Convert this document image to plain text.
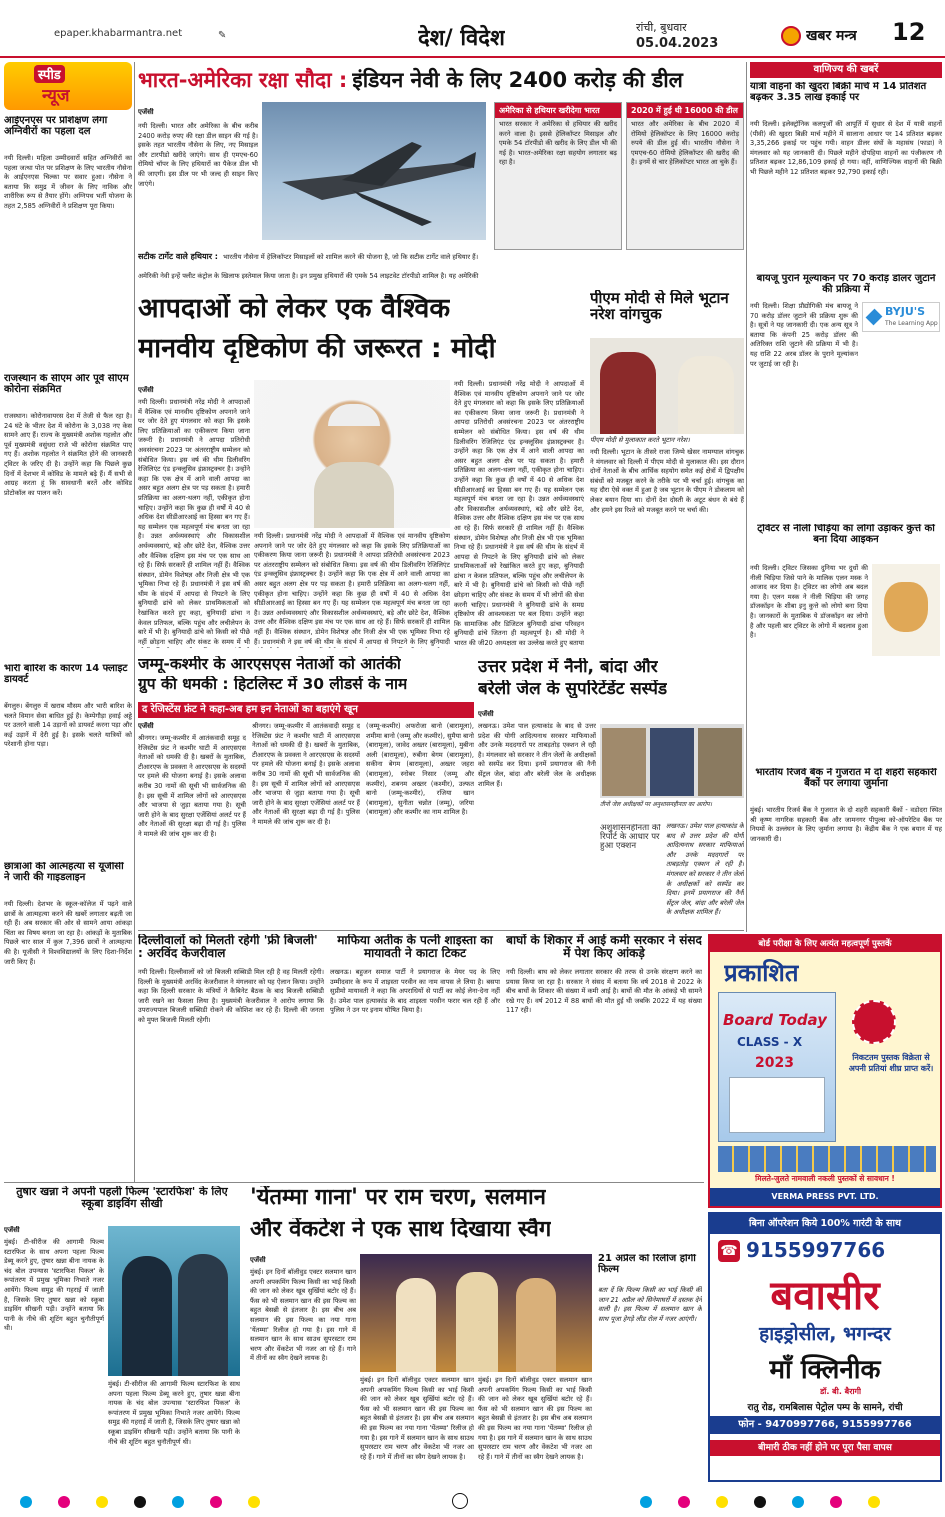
epaper.khabarmantra.net	✎	देश/ विदेश	रांची, बुधवार
05.04.2023	खबर मन्त्र 12
स्पीड
न्यूज
आईएनएस पर प्रशिक्षण लेगा अग्निवीरों का पहला दल
नयी दिल्ली। महिला उम्मीदवारों सहित अग्निवीरों का पहला जत्था पोत पर प्रशिक्षण के लिए भारतीय नौसेना के आईएनएस चिल्का पर सवार हुआ। नौसेना ने बताया कि समुद्र में जीवन के लिए नाविक और शारीरिक रूप से तैयार होंगे। अग्निपथ भर्ती योजना के तहत 2,585 अग्निवीरों ने प्रशिक्षण पूरा किया।
राजस्थान के सीएम और पूर्व सीएम कोरोना संक्रमित
राजस्थान। कोरोनावायरस देश में तेजी से फैल रहा है। 24 घंटे के भीतर देश में कोरोना के 3,038 नए केस सामने आए हैं। राज्य के मुख्यमंत्री अशोक गहलोत और पूर्व मुख्यमंत्री वसुंधरा राजे भी कोरोना संक्रमित पाए गए हैं। अशोक गहलोत ने संक्रमित होने की जानकारी ट्विटर के जरिए दी है। उन्होंने कहा कि पिछले कुछ दिनों में देशभर में कोविड के मामले बढ़े हैं। मैं सभी से आग्रह करता हूं कि सावधानी बरतें और कोविड प्रोटोकॉल का पालन करें।
भारी बारिश के कारण 14 फ्लाइट डायवर्ट
बेंगलुरु। बेंगलुरु में खराब मौसम और भारी बारिश के चलते विमान सेवा बाधित हुई है। केम्पेगौड़ा हवाई अड्डे पर उतरने वाली 14 उड़ानों को डायवर्ट करना पड़ा और कई उड़ानें में देरी हुई है। इसके चलते यात्रियों को परेशानी होना पड़ा।
छात्राओं की आत्महत्या से यूजीसी ने जारी की गाइडलाइन
नयी दिल्ली। देशभर के स्कूल-कॉलेज में पढ़ने वाले छात्रों के आत्महत्या करने की खबरें लगातार बढ़ती जा रही हैं। अब सरकार की ओर से सामने आया आंकड़ा चिंता का विषय बनता जा रहा है। आंकड़ों के मुताबिक पिछले चार साल में कुल 7,396 छात्रों ने आत्महत्या की है। यूजीसी ने विश्वविद्यालयों के लिए दिशा-निर्देश जारी किए हैं।
भारत-अमेरिका रक्षा सौदा : इंडियन नेवी के लिए 2400 करोड़ की डील
एजेंसी
नयी दिल्ली। भारत और अमेरिका के बीच करीब 2400 करोड़ रुपए की रक्षा डील साइन की गई है। इसके तहत भारतीय नौसेना के लिए, नए मिसाइल और टारपीडो खरीदे जाएंगे। साथ ही एमएच-60 रोमियो चॉपर के लिए हथियारों का पैकेज डील भी की जाएगी। इस डील पर भी जल्द ही साइन किए जाएंगे।
सटीक टार्गेट वाले हथियार : भारतीय नौसेना में हेलिकॉप्टर मिसाइलों को शामिल करने की योजना है, जो कि सटीक टार्गेट वाले हथियार हैं। अमेरिकी नेवी इन्हें फ्लीट कंट्रोल के खिलाफ इस्तेमाल किया जाता है। इन प्रमुख हथियारों की एमके 54 लाइटवेट टॉरपीडो शामिल है। यह अमेरिकी
अमेरिका से हथियार खरीदेगा भारत
भारत सरकार ने अमेरिका से हथियार की खरीद करने वाला है। इससे हेलिकॉप्टर मिसाइल और एमके 54 टॉरपीडो की खरीद के लिए डील भी की गई है। भारत-अमेरिका रक्षा सहयोग लगातार बढ़ रहा है।
2020 में हुई थी 16000 की डील
भारत और अमेरिका के बीच 2020 में रोमियो हेलिकॉप्टर के लिए 16000 करोड़ रुपये की डील हुई थी। भारतीय नौसेना ने एमएच-60 रोमियो हेलिकॉप्टर की खरीद की है। इनमें से चार हेलिकॉप्टर भारत आ चुके हैं।
आपदाओं को लेकर एक वैश्विक
मानवीय दृष्टिकोण की जरूरत : मोदी
एजेंसी
नयी दिल्ली। प्रधानमंत्री नरेंद्र मोदी ने आपदाओं में वैश्विक एवं मानवीय दृष्टिकोण अपनाने जाने पर जोर देते हुए मंगलवार को कहा कि इसके लिए प्रतिक्रियाओं का एकीकरण किया जाना जरूरी है। प्रधानमंत्री ने आपदा प्रतिरोधी अवसंरचना 2023 पर अंतरराष्ट्रीय सम्मेलन को संबोधित किया। इस वर्ष की थीम डिलीवरिंग रेजिलिएंट एंड इन्क्लूसिव इंफ्रास्ट्रक्चर है। उन्होंने कहा कि एक क्षेत्र में आने वाली आपदा का असर बहुत अलग क्षेत्र पर पड़ सकता है। हमारी प्रतिक्रिया का अलग-थलग नहीं, एकीकृत होना चाहिए। उन्होंने कहा कि कुछ ही वर्षों में 40 से अधिक देश सीडीआरआई का हिस्सा बन गए हैं। यह सम्मेलन एक महत्वपूर्ण मंच बनता जा रहा है। उन्नत अर्थव्यवस्थाएं और विकासशील अर्थव्यवस्थाएं, बड़े और छोटे देश, वैश्विक उत्तर और वैश्विक दक्षिण इस मंच पर एक साथ आ रहे हैं। सिर्फ सरकारें ही शामिल नहीं हैं। वैश्विक संस्थान, डोमेन विशेषज्ञ और निजी क्षेत्र भी एक भूमिका निभा रहे हैं। प्रधानमंत्री ने इस वर्ष की थीम के संदर्भ में आपदा से निपटने के लिए बुनियादी ढांचे को लेकर प्राथमिकताओं को रेखांकित करते हुए कहा, बुनियादी ढांचा न केवल प्रतिफल, बल्कि पहुंच और लचीलेपन के बारे में भी है। बुनियादी ढांचे को किसी को पीछे नहीं छोड़ना चाहिए और संकट के समय में भी
नयी दिल्ली। प्रधानमंत्री नरेंद्र मोदी ने आपदाओं में वैश्विक एवं मानवीय दृष्टिकोण अपनाने जाने पर जोर देते हुए मंगलवार को कहा कि इसके लिए प्रतिक्रियाओं का एकीकरण किया जाना जरूरी है। प्रधानमंत्री ने आपदा प्रतिरोधी अवसंरचना 2023 पर अंतरराष्ट्रीय सम्मेलन को संबोधित किया। इस वर्ष की थीम डिलीवरिंग रेजिलिएंट एंड इन्क्लूसिव इंफ्रास्ट्रक्चर है। उन्होंने कहा कि एक क्षेत्र में आने वाली आपदा का असर बहुत अलग क्षेत्र पर पड़ सकता है। हमारी प्रतिक्रिया का अलग-थलग नहीं, एकीकृत होना चाहिए। उन्होंने कहा कि कुछ ही वर्षों में 40 से अधिक देश सीडीआरआई का हिस्सा बन गए हैं। यह सम्मेलन एक महत्वपूर्ण मंच बनता जा रहा है। उन्नत अर्थव्यवस्थाएं और विकासशील अर्थव्यवस्थाएं, बड़े और छोटे देश, वैश्विक उत्तर और वैश्विक दक्षिण इस मंच पर एक साथ आ रहे हैं। सिर्फ सरकारें ही शामिल नहीं हैं। वैश्विक संस्थान, डोमेन विशेषज्ञ और निजी क्षेत्र भी एक भूमिका निभा रहे हैं। प्रधानमंत्री ने इस वर्ष की थीम के संदर्भ में आपदा से निपटने के लिए बुनियादी
नयी दिल्ली। प्रधानमंत्री नरेंद्र मोदी ने आपदाओं में वैश्विक एवं मानवीय दृष्टिकोण अपनाने जाने पर जोर देते हुए मंगलवार को कहा कि इसके लिए प्रतिक्रियाओं का एकीकरण किया जाना जरूरी है। प्रधानमंत्री ने आपदा प्रतिरोधी अवसंरचना 2023 पर अंतरराष्ट्रीय सम्मेलन को संबोधित किया। इस वर्ष की थीम डिलीवरिंग रेजिलिएंट एंड इन्क्लूसिव इंफ्रास्ट्रक्चर है। उन्होंने कहा कि एक क्षेत्र में आने वाली आपदा का असर बहुत अलग क्षेत्र पर पड़ सकता है। हमारी प्रतिक्रिया का अलग-थलग नहीं, एकीकृत होना चाहिए। उन्होंने कहा कि कुछ ही वर्षों में 40 से अधिक देश सीडीआरआई का हिस्सा बन गए हैं। यह सम्मेलन एक महत्वपूर्ण मंच बनता जा रहा है। उन्नत अर्थव्यवस्थाएं और विकासशील अर्थव्यवस्थाएं, बड़े और छोटे देश, वैश्विक उत्तर और वैश्विक दक्षिण इस मंच पर एक साथ आ रहे हैं। सिर्फ सरकारें ही शामिल नहीं हैं। वैश्विक संस्थान, डोमेन विशेषज्ञ और निजी क्षेत्र भी एक भूमिका निभा रहे हैं। प्रधानमंत्री ने इस वर्ष की थीम के संदर्भ में आपदा से निपटने के लिए बुनियादी ढांचे को लेकर प्राथमिकताओं को रेखांकित करते हुए कहा, बुनियादी ढांचा न केवल प्रतिफल, बल्कि पहुंच और लचीलेपन के बारे में भी है। बुनियादी ढांचे को किसी को पीछे नहीं छोड़ना चाहिए और संकट के समय में भी लोगों की सेवा करनी चाहिए। प्रधानमंत्री ने बुनियादी ढांचे के समग्र दृष्टिकोण की आवश्यकता पर बल दिया। उन्होंने कहा कि सामाजिक और डिजिटल बुनियादी ढांचा परिवहन बुनियादी ढांचे जितना ही महत्वपूर्ण है। श्री मोदी ने भारत की जी20 अध्यक्षता का उल्लेख करते हुए बताया
पीएम मोदी से मिले भूटान नरेश वांगचुक
पीएम मोदी से मुलाकात करते भूटान नरेश।
नयी दिल्ली। भूटान के तीसरे राजा जिग्मे खेसर नामग्याल वांगचुक ने मंगलवार को दिल्ली में पीएम मोदी से मुलाकात की। इस दौरान दोनों नेताओं के बीच आर्थिक सहयोग समेत कई क्षेत्रों में द्विपक्षीय संबंधों को मजबूत करने के तरीके पर भी चर्चा हुई। वांगचुक का यह दौरा ऐसे वक्त में हुआ है जब भूटान के पीएम ने डोकलाम को लेकर बयान दिया था। दोनों देश दोस्ती के अटूट बंधन से बंधे हैं और हमने इस रिश्ते को मजबूत करने पर चर्चा की।
वाणिज्य की खबरें
यात्री वाहनों की खुदरा बिक्री मार्च में 14 प्रतिशत बढ़कर 3.35 लाख इकाई पर
नयी दिल्ली। इलेक्ट्रॉनिक कलपुर्जों की आपूर्ति में सुधार से देश में यात्री वाहनों (पीवी) की खुदरा बिक्री मार्च महीने में सालाना आधार पर 14 प्रतिशत बढ़कर 3,35,266 इकाई पर पहुंच गयी। वाहन डीलर संघों के महासंघ (फाडा) ने मंगलवार को यह जानकारी दी। पिछले महीने दोपहिया वाहनों का पंजीकरण नौ प्रतिशत बढ़कर 12,86,109 इकाई हो गया। वहीं, वाणिज्यिक वाहनों की बिक्री भी पिछले महीने 12 प्रतिशत बढ़कर 92,790 इकाई रही।
बायजू पुराने मूल्यांकन पर 70 करोड़ डॉलर जुटाने की प्रक्रिया में
BYJU'S
The Learning App
नयी दिल्ली। शिक्षा प्रौद्योगिकी मंच बायजू ने 70 करोड़ डॉलर जुटाने की प्रक्रिया शुरू की है। सूत्रों ने यह जानकारी दी। एक अन्य सूत्र ने बताया कि कंपनी 25 करोड़ डॉलर की अतिरिक्त राशि जुटाने की प्रक्रिया में भी है। यह राशि 22 अरब डॉलर के पुराने मूल्यांकन पर जुटाई जा रही है।
ट्विटर से नीली चिड़िया का लोगो उड़ाकर कुत्ते को बना दिया आइकन
नयी दिल्ली। ट्विटर जिसका दुनिया भर दुधों की नीली चिड़िया जिसे पाने के मालिक एलन मस्क ने आजाद कर दिया है। ट्विटर का लोगो अब बदल गया है। एलन मस्क ने नीली चिड़िया की जगह डॉजकॉइन के शीबा इनु कुत्ते को लोगो बना दिया है। जानकारों के मुताबिक ये डॉजकॉइन का लोगो है और पहली बार ट्विटर के लोगो में बदलाव हुआ है।
भारतीय रिजर्व बैंक ने गुजरात में दो शहरी सहकारी बैंकों पर लगाया जुर्माना
मुंबई। भारतीय रिजर्व बैंक ने गुजरात के दो शहरी सहकारी बैंकों - वडोदरा स्थित श्री कृष्ण नागरिक सहकारी बैंक और जामनगर पीपुल्स को-ऑपरेटिव बैंक पर नियमों के उल्लंघन के लिए जुर्माना लगाया है। केंद्रीय बैंक ने एक बयान में यह जानकारी दी।
जम्मू-कश्मीर के आरएसएस नेताओं को आतंकी
ग्रुप की धमकी : हिटलिस्ट में 30 लीडर्स के नाम
द रेजिस्टेंस फ्रंट ने कहा-अब हम इन नेताओं का बहाएंगे खून
एजेंसी
श्रीनगर। जम्मू-कश्मीर में आतंकवादी समूह द रेजिस्टेंस फ्रंट ने कश्मीर घाटी में आरएसएस नेताओं को धमकी दी है। खबरों के मुताबिक, टीआरएफ के प्रवक्ता ने आरएसएस के सदस्यों पर हमले की योजना बनाई है। इसके अलावा करीब 30 नामों की सूची भी सार्वजनिक की है। इस सूची में शामिल लोगों को आरएसएस और भाजपा से जुड़ा बताया गया है। सूची जारी होने के बाद सुरक्षा एजेंसियां अलर्ट पर हैं और नेताओं की सुरक्षा बढ़ा दी गई है। पुलिस ने मामले की जांच शुरू कर दी है।
श्रीनगर। जम्मू-कश्मीर में आतंकवादी समूह द रेजिस्टेंस फ्रंट ने कश्मीर घाटी में आरएसएस नेताओं को धमकी दी है। खबरों के मुताबिक, टीआरएफ के प्रवक्ता ने आरएसएस के सदस्यों पर हमले की योजना बनाई है। इसके अलावा करीब 30 नामों की सूची भी सार्वजनिक की है। इस सूची में शामिल लोगों को आरएसएस और भाजपा से जुड़ा बताया गया है। सूची जारी होने के बाद सुरक्षा एजेंसियां अलर्ट पर हैं और नेताओं की सुरक्षा बढ़ा दी गई है। पुलिस ने मामले की जांच शुरू कर दी है।
(जम्मू-कश्मीर) अफरोजा बानो (बारामूला), शमीमा बानो (जम्मू और कश्मीर), सुमैया बानो (बारामूला), जावेद अख्तर (बारामूला), मुबीना अली (बारामूला), रुबीना बेगम (बारामूला), सकीना बेगम (बारामूला), अख्तर जहरा (बारामूला), स्नोबर निसार (जम्मू और कश्मीर), शबनम अख्तर (कश्मीर), उल्फत बानो (जम्मू-कश्मीर), रजिया खान (बारामूला), सुनीता चन्नोत (जम्मू), जरिया (बारामूला) और कश्मीर का नाम शामिल है।
उत्तर प्रदेश में नैनी, बांदा और
बरेली जेल के सुपरिटेंडेंट सस्पेंड
एजेंसी
लखनऊ। उमेश पाल हत्याकांड के बाद से उत्तर प्रदेश की योगी आदित्यनाथ सरकार माफियाओं और उनके मददगारों पर ताबड़तोड़ एक्शन ले रही है। मंगलवार को सरकार ने तीन जेलों के अधीक्षकों को सस्पेंड कर दिया। इनमें प्रयागराज की नैनी सेंट्रल जेल, बांदा और बरेली जेल के अधीक्षक शामिल हैं।
तीनों जेल अधीक्षकों पर अनुशासनहीनता का आरोप।
अंशुशासनहीनता की रिपोर्ट के आधार पर हुआ एक्शन
लखनऊ। उमेश पाल हत्याकांड के बाद से उत्तर प्रदेश की योगी आदित्यनाथ सरकार माफियाओं और उनके मददगारों पर ताबड़तोड़ एक्शन ले रही है। मंगलवार को सरकार ने तीन जेलों के अधीक्षकों को सस्पेंड कर दिया। इनमें प्रयागराज की नैनी सेंट्रल जेल, बांदा और बरेली जेल के अधीक्षक शामिल हैं।
दिल्लीवालों को मिलती रहेगी 'फ्री बिजली' : अरविंद केजरीवाल
नयी दिल्ली। दिल्लीवालों को जो बिजली सब्सिडी मिल रही है वह मिलती रहेगी। दिल्ली के मुख्यमंत्री अरविंद केजरीवाल ने मंगलवार को यह ऐलान किया। उन्होंने कहा कि दिल्ली सरकार के मंत्रियों ने कैबिनेट बैठक के बाद बिजली सब्सिडी जारी रखने का फैसला लिया है। मुख्यमंत्री केजरीवाल ने आरोप लगाया कि उपराज्यपाल बिजली सब्सिडी रोकने की कोशिश कर रहे हैं। दिल्ली की जनता को मुफ्त बिजली मिलती रहेगी।
माफिया अतीक के पत्नी शाइस्ता का मायावती ने काटा टिकट
लखनऊ। बहुजन समाज पार्टी ने प्रयागराज के मेयर पद के लिए उम्मीदवार के रूप में शाइस्ता परवीन का नाम वापस ले लिया है। बसपा सुप्रीमो मायावती ने कहा कि अपराधियों से पार्टी का कोई लेना-देना नहीं है। उमेश पाल हत्याकांड के बाद शाइस्ता परवीन फरार चल रही हैं और पुलिस ने उन पर इनाम घोषित किया है।
बाघों के शिकार में आई कमी सरकार ने संसद में पेश किए आंकड़े
नयी दिल्ली। बाघ को लेकर लगातार सरकार की तरफ से उनके संरक्षण करने का प्रयास किया जा रहा है। सरकार ने संसद में बताया कि वर्ष 2018 से 2022 के बीच बाघों के शिकार की संख्या में कमी आई है। बाघों की मौत के आंकड़े भी सामने रखे गए हैं। वर्ष 2012 में 88 बाघों की मौत हुई थी जबकि 2022 में यह संख्या 117 रही।
बोर्ड परीक्षा के लिए अत्यंत महत्वपूर्ण पुस्तकें
प्रकाशित
Board Today
CLASS - X
2023	निकटतम पुस्तक विक्रेता से अपनी प्रतियां शीघ्र प्राप्त करें।
मिलते-जुलते नामवाली नकली पुस्तकों से सावधान !
VERMA PRESS PVT. LTD.
तुषार खन्ना ने अपनी पहली फिल्म 'स्टारफिश' के लिए स्कूबा डाइविंग सीखी
एजेंसी
मुंबई। टी-सीरीज की आगामी फिल्म स्टारफिश के साथ अपना पहला फिल्म डेब्यू करने हुए, तुषार खन्ना बीना नायक के चंद बोल उपन्यास 'स्टारफिश पिकल' के रूपांतरण में प्रमुख भूमिका निभाते नजर आयेंगे। फिल्म समुद्र की गहराई में जाती है, जिसके लिए तुषार खन्ना को स्कूबा डाइविंग सीखनी पड़ी। उन्होंने बताया कि पानी के नीचे की शूटिंग बहुत चुनौतीपूर्ण थी।
मुंबई। टी-सीरीज की आगामी फिल्म स्टारफिश के साथ अपना पहला फिल्म डेब्यू करने हुए, तुषार खन्ना बीना नायक के चंद बोल उपन्यास 'स्टारफिश पिकल' के रूपांतरण में प्रमुख भूमिका निभाते नजर आयेंगे। फिल्म समुद्र की गहराई में जाती है, जिसके लिए तुषार खन्ना को स्कूबा डाइविंग सीखनी पड़ी। उन्होंने बताया कि पानी के नीचे की शूटिंग बहुत चुनौतीपूर्ण थी।
'येंतम्मा गाना' पर राम चरण, सलमान
और वेंकटेश ने एक साथ दिखाया स्वैग
एजेंसी
मुंबई। इन दिनों बॉलीवुड एक्टर सलमान खान अपनी अपकमिंग फिल्म किसी का भाई किसी की जान को लेकर खूब सुर्खियां बटोर रहे हैं। फैंस को भी सलमान खान की इस फिल्म का बहुत बेसब्री से इंतजार है। इस बीच अब सलमान की इस फिल्म का नया गाना 'येंतम्मा' रिलीज हो गया है। इस गाने में सलमान खान के साथ साउथ सुपरस्टार राम चरण और वेंकटेश भी नजर आ रहे हैं। गाने में तीनों का स्वैग देखने लायक है।
मुंबई। इन दिनों बॉलीवुड एक्टर सलमान खान अपनी अपकमिंग फिल्म किसी का भाई किसी की जान को लेकर खूब सुर्खियां बटोर रहे हैं। फैंस को भी सलमान खान की इस फिल्म का बहुत बेसब्री से इंतजार है। इस बीच अब सलमान की इस फिल्म का नया गाना 'येंतम्मा' रिलीज हो गया है। इस गाने में सलमान खान के साथ साउथ सुपरस्टार राम चरण और वेंकटेश भी नजर आ रहे हैं। गाने में तीनों का स्वैग देखने लायक है।
मुंबई। इन दिनों बॉलीवुड एक्टर सलमान खान अपनी अपकमिंग फिल्म किसी का भाई किसी की जान को लेकर खूब सुर्खियां बटोर रहे हैं। फैंस को भी सलमान खान की इस फिल्म का बहुत बेसब्री से इंतजार है। इस बीच अब सलमान की इस फिल्म का नया गाना 'येंतम्मा' रिलीज हो गया है। इस गाने में सलमान खान के साथ साउथ सुपरस्टार राम चरण और वेंकटेश भी नजर आ रहे हैं। गाने में तीनों का स्वैग देखने लायक है।
21 अप्रैल को रिलीज होगी फिल्म
बता दें कि फिल्म किसी का भाई किसी की जान 21 अप्रैल को सिनेमाघरों में दस्तक देने वाली है। इस फिल्म में सलमान खान के साथ पूजा हेगड़े लीड रोल में नजर आएंगी।
बिना ऑपरेशन किये 100% गारंटी के साथ
☎ 9155997766
बवासीर
हाइड्रोसील, भगन्दर
माँ क्लिनीक
डॉ. बी. बैरागी
रातु रोड, रामबिलास पेट्रोल पम्प के सामने, रांची
फोन - 9470997766, 9155997766
बीमारी ठीक नहीं होने पर पूरा पैसा वापस
